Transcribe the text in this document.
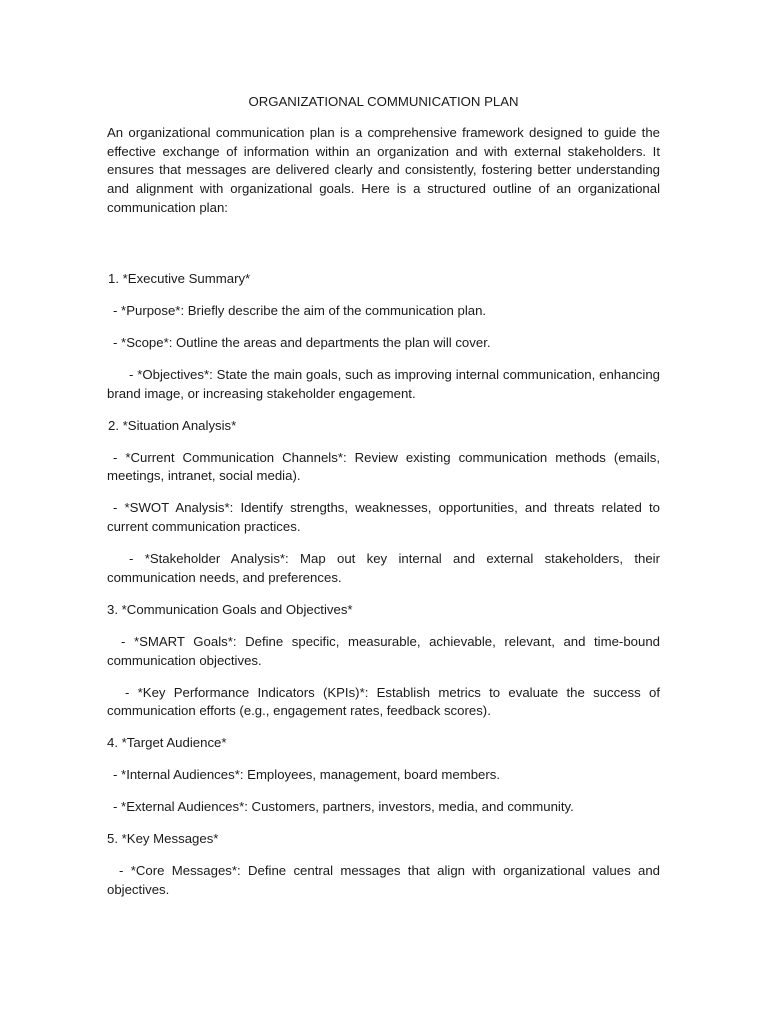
ORGANIZATIONAL COMMUNICATION PLAN
An organizational communication plan is a comprehensive framework designed to guide the effective exchange of information within an organization and with external stakeholders. It ensures that messages are delivered clearly and consistently, fostering better understanding and alignment with organizational goals. Here is a structured outline of an organizational communication plan:
1. *Executive Summary*
- *Purpose*: Briefly describe the aim of the communication plan.
- *Scope*: Outline the areas and departments the plan will cover.
- *Objectives*: State the main goals, such as improving internal communication, enhancing brand image, or increasing stakeholder engagement.
2. *Situation Analysis*
- *Current Communication Channels*: Review existing communication methods (emails, meetings, intranet, social media).
- *SWOT Analysis*: Identify strengths, weaknesses, opportunities, and threats related to current communication practices.
- *Stakeholder Analysis*: Map out key internal and external stakeholders, their communication needs, and preferences.
3. *Communication Goals and Objectives*
- *SMART Goals*: Define specific, measurable, achievable, relevant, and time-bound communication objectives.
- *Key Performance Indicators (KPIs)*: Establish metrics to evaluate the success of communication efforts (e.g., engagement rates, feedback scores).
4. *Target Audience*
- *Internal Audiences*: Employees, management, board members.
- *External Audiences*: Customers, partners, investors, media, and community.
5. *Key Messages*
- *Core Messages*: Define central messages that align with organizational values and objectives.
